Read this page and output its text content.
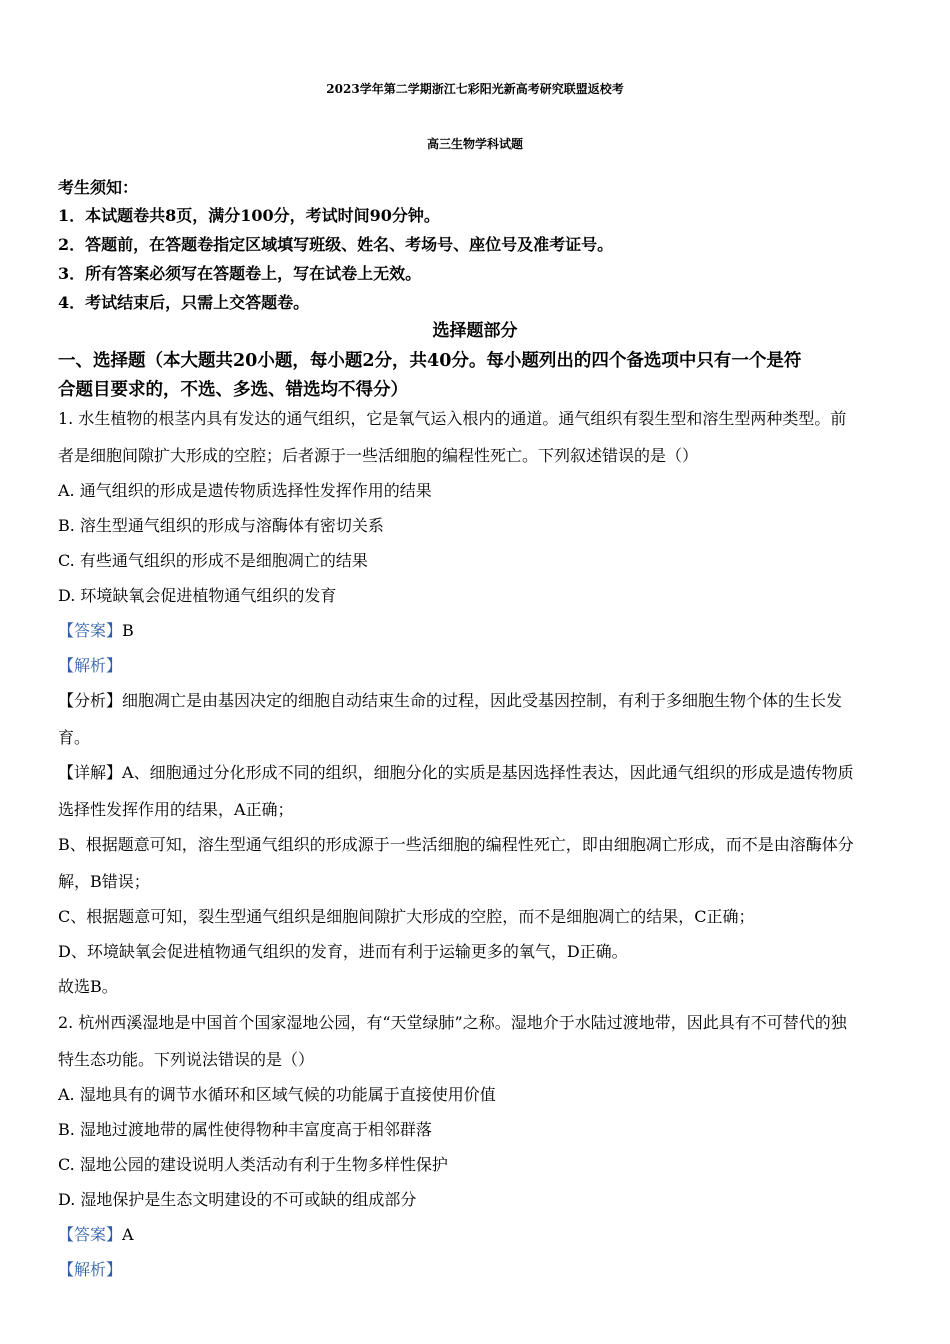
2023学年第二学期浙江七彩阳光新高考研究联盟返校考
高三生物学科试题
考生须知：
1．本试题卷共8页，满分100分，考试时间90分钟。
2．答题前，在答题卷指定区域填写班级、姓名、考场号、座位号及准考证号。
3．所有答案必须写在答题卷上，写在试卷上无效。
4．考试结束后，只需上交答题卷。
选择题部分
一、选择题（本大题共20小题，每小题2分，共40分。每小题列出的四个备选项中只有一个是符
合题目要求的，不选、多选、错选均不得分）
1. 水生植物的根茎内具有发达的通气组织，它是氧气运入根内的通道。通气组织有裂生型和溶生型两种类型。前
者是细胞间隙扩大形成的空腔；后者源于一些活细胞的编程性死亡。下列叙述错误的是（）
A. 通气组织的形成是遗传物质选择性发挥作用的结果
B. 溶生型通气组织的形成与溶酶体有密切关系
C. 有些通气组织的形成不是细胞凋亡的结果
D. 环境缺氧会促进植物通气组织的发育
【答案】B
【解析】
【分析】细胞凋亡是由基因决定的细胞自动结束生命的过程，因此受基因控制，有利于多细胞生物个体的生长发
育。
【详解】A、细胞通过分化形成不同的组织，细胞分化的实质是基因选择性表达，因此通气组织的形成是遗传物质
选择性发挥作用的结果，A正确；
B、根据题意可知，溶生型通气组织的形成源于一些活细胞的编程性死亡，即由细胞凋亡形成，而不是由溶酶体分
解，B错误；
C、根据题意可知，裂生型通气组织是细胞间隙扩大形成的空腔，而不是细胞凋亡的结果，C正确；
D、环境缺氧会促进植物通气组织的发育，进而有利于运输更多的氧气，D正确。
故选B。
2. 杭州西溪湿地是中国首个国家湿地公园，有“天堂绿肺”之称。湿地介于水陆过渡地带，因此具有不可替代的独
特生态功能。下列说法错误的是（）
A. 湿地具有的调节水循环和区域气候的功能属于直接使用价值
B. 湿地过渡地带的属性使得物种丰富度高于相邻群落
C. 湿地公园的建设说明人类活动有利于生物多样性保护
D. 湿地保护是生态文明建设的不可或缺的组成部分
【答案】A
【解析】
